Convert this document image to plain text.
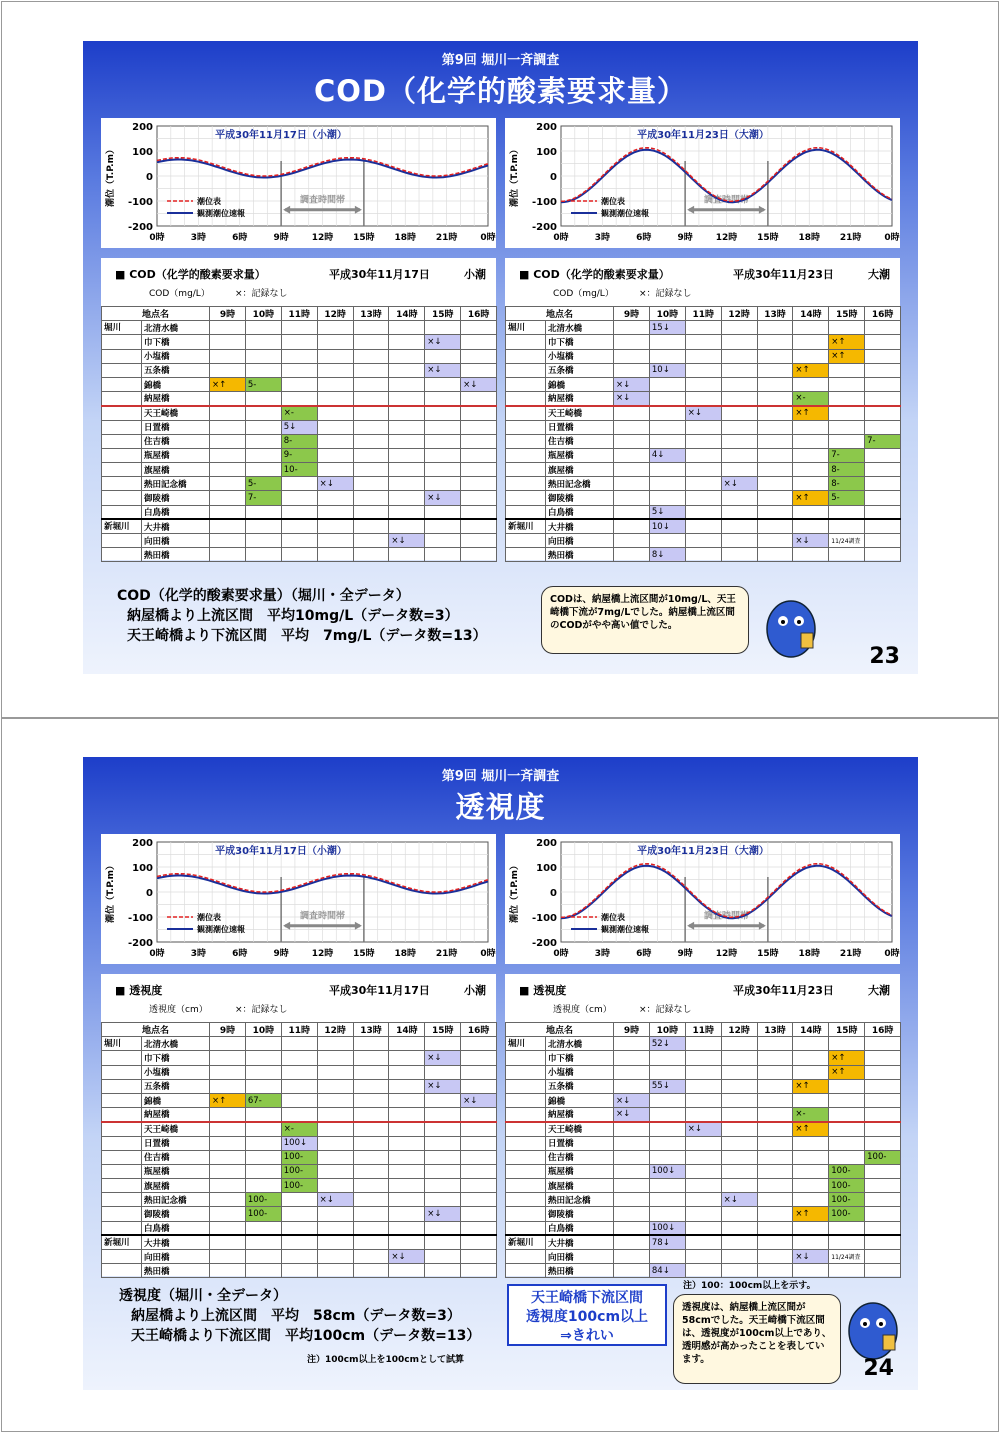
第9回 堀川一斉調査
COD（化学的酸素要求量）
200
100
0
-100
-200
0時	3時	6時	9時	12時 15時 18時 21時	0時
潮位（T.P.m）	調査時間帯
潮位表
観測潮位速報
平成30年11月17日（小潮）
200
100
0
-100
-200
0時	3時	6時	9時	12時 15時 18時 21時	0時
潮位（T.P.m）	調査時間帯
潮位表
観測潮位速報
平成30年11月23日（大潮）
■ COD（化学的酸素要求量）	平成30年11月17日	小潮
COD（mg/L）	×：記録なし
地点名		9時	10時	11時	12時	13時	14時	15時	16時
堀川	北清水橋								
	巾下橋							×↓	
	小塩橋								
	五条橋							×↓	
	錦橋	×↑	5-						×↓
	納屋橋								
	天王崎橋			×-					
	日置橋			5↓					
	住吉橋			8-					
	瓶屋橋			9-					
	旗屋橋			10-					
	熱田記念橋		5-		×↓				
	御陵橋		7-					×↓	
	白鳥橋								
新堀川	大井橋								
	向田橋						×↓		
	熱田橋								
■ COD（化学的酸素要求量）	平成30年11月23日	大潮
COD（mg/L）	×：記録なし
地点名		9時	10時	11時	12時	13時	14時	15時	16時
堀川	北清水橋		15↓						
	巾下橋							×↑	
	小塩橋							×↑	
	五条橋		10↓				×↑		
	錦橋	×↓							
	納屋橋	×↓					×-		
	天王崎橋			×↓			×↑		
	日置橋								
	住吉橋								7-
	瓶屋橋		4↓					7-	
	旗屋橋							8-	
	熱田記念橋				×↓			8-	
	御陵橋						×↑	5-	
	白鳥橋		5↓						
新堀川	大井橋		10↓						
	向田橋						×↓	11/24調査	
	熱田橋		8↓						
COD（化学的酸素要求量）（堀川・全データ）
納屋橋より上流区間　平均10mg/L（データ数=3）
天王崎橋より下流区間　平均　7mg/L（データ数=13）
CODは、納屋橋上流区間が10mg/L、天王崎橋下流が7mg/Lでした。納屋橋上流区間のCODがやや高い値でした。
23
第9回 堀川一斉調査
透視度
200
100
0
-100
-200
0時	3時	6時	9時	12時 15時 18時 21時	0時
潮位（T.P.m）	調査時間帯
潮位表
観測潮位速報
平成30年11月17日（小潮）
200
100
0
-100
-200
0時	3時	6時	9時	12時 15時 18時 21時	0時
潮位（T.P.m）	調査時間帯
潮位表
観測潮位速報
平成30年11月23日（大潮）
■ 透視度	平成30年11月17日	小潮
透視度（cm）	×：記録なし
地点名		9時	10時	11時	12時	13時	14時	15時	16時
堀川	北清水橋								
	巾下橋							×↓	
	小塩橋								
	五条橋							×↓	
	錦橋	×↑	67-						×↓
	納屋橋								
	天王崎橋			×-					
	日置橋			100↓					
	住吉橋			100-					
	瓶屋橋			100-					
	旗屋橋			100-					
	熱田記念橋		100-		×↓				
	御陵橋		100-					×↓	
	白鳥橋								
新堀川	大井橋								
	向田橋						×↓		
	熱田橋								
■ 透視度	平成30年11月23日	大潮
透視度（cm）	×：記録なし
地点名		9時	10時	11時	12時	13時	14時	15時	16時
堀川	北清水橋		52↓						
	巾下橋							×↑	
	小塩橋							×↑	
	五条橋		55↓				×↑		
	錦橋	×↓							
	納屋橋	×↓					×-		
	天王崎橋			×↓			×↑		
	日置橋								
	住吉橋								100-
	瓶屋橋		100↓					100-	
	旗屋橋							100-	
	熱田記念橋				×↓			100-	
	御陵橋						×↑	100-	
	白鳥橋		100↓						
新堀川	大井橋		78↓						
	向田橋						×↓	11/24調査	
	熱田橋		84↓						
注）100：100cm以上を示す。
透視度（堀川・全データ）
納屋橋より上流区間　平均　58cm（データ数=3）
天王崎橋より下流区間　平均100cm（データ数=13）
注）100cm以上を100cmとして試算
天王崎橋下流区間
透視度100cm以上
⇒きれい
透視度は、納屋橋上流区間が58cmでした。天王崎橋下流区間は、透視度が100cm以上であり、透明感が高かったことを表しています。	24
